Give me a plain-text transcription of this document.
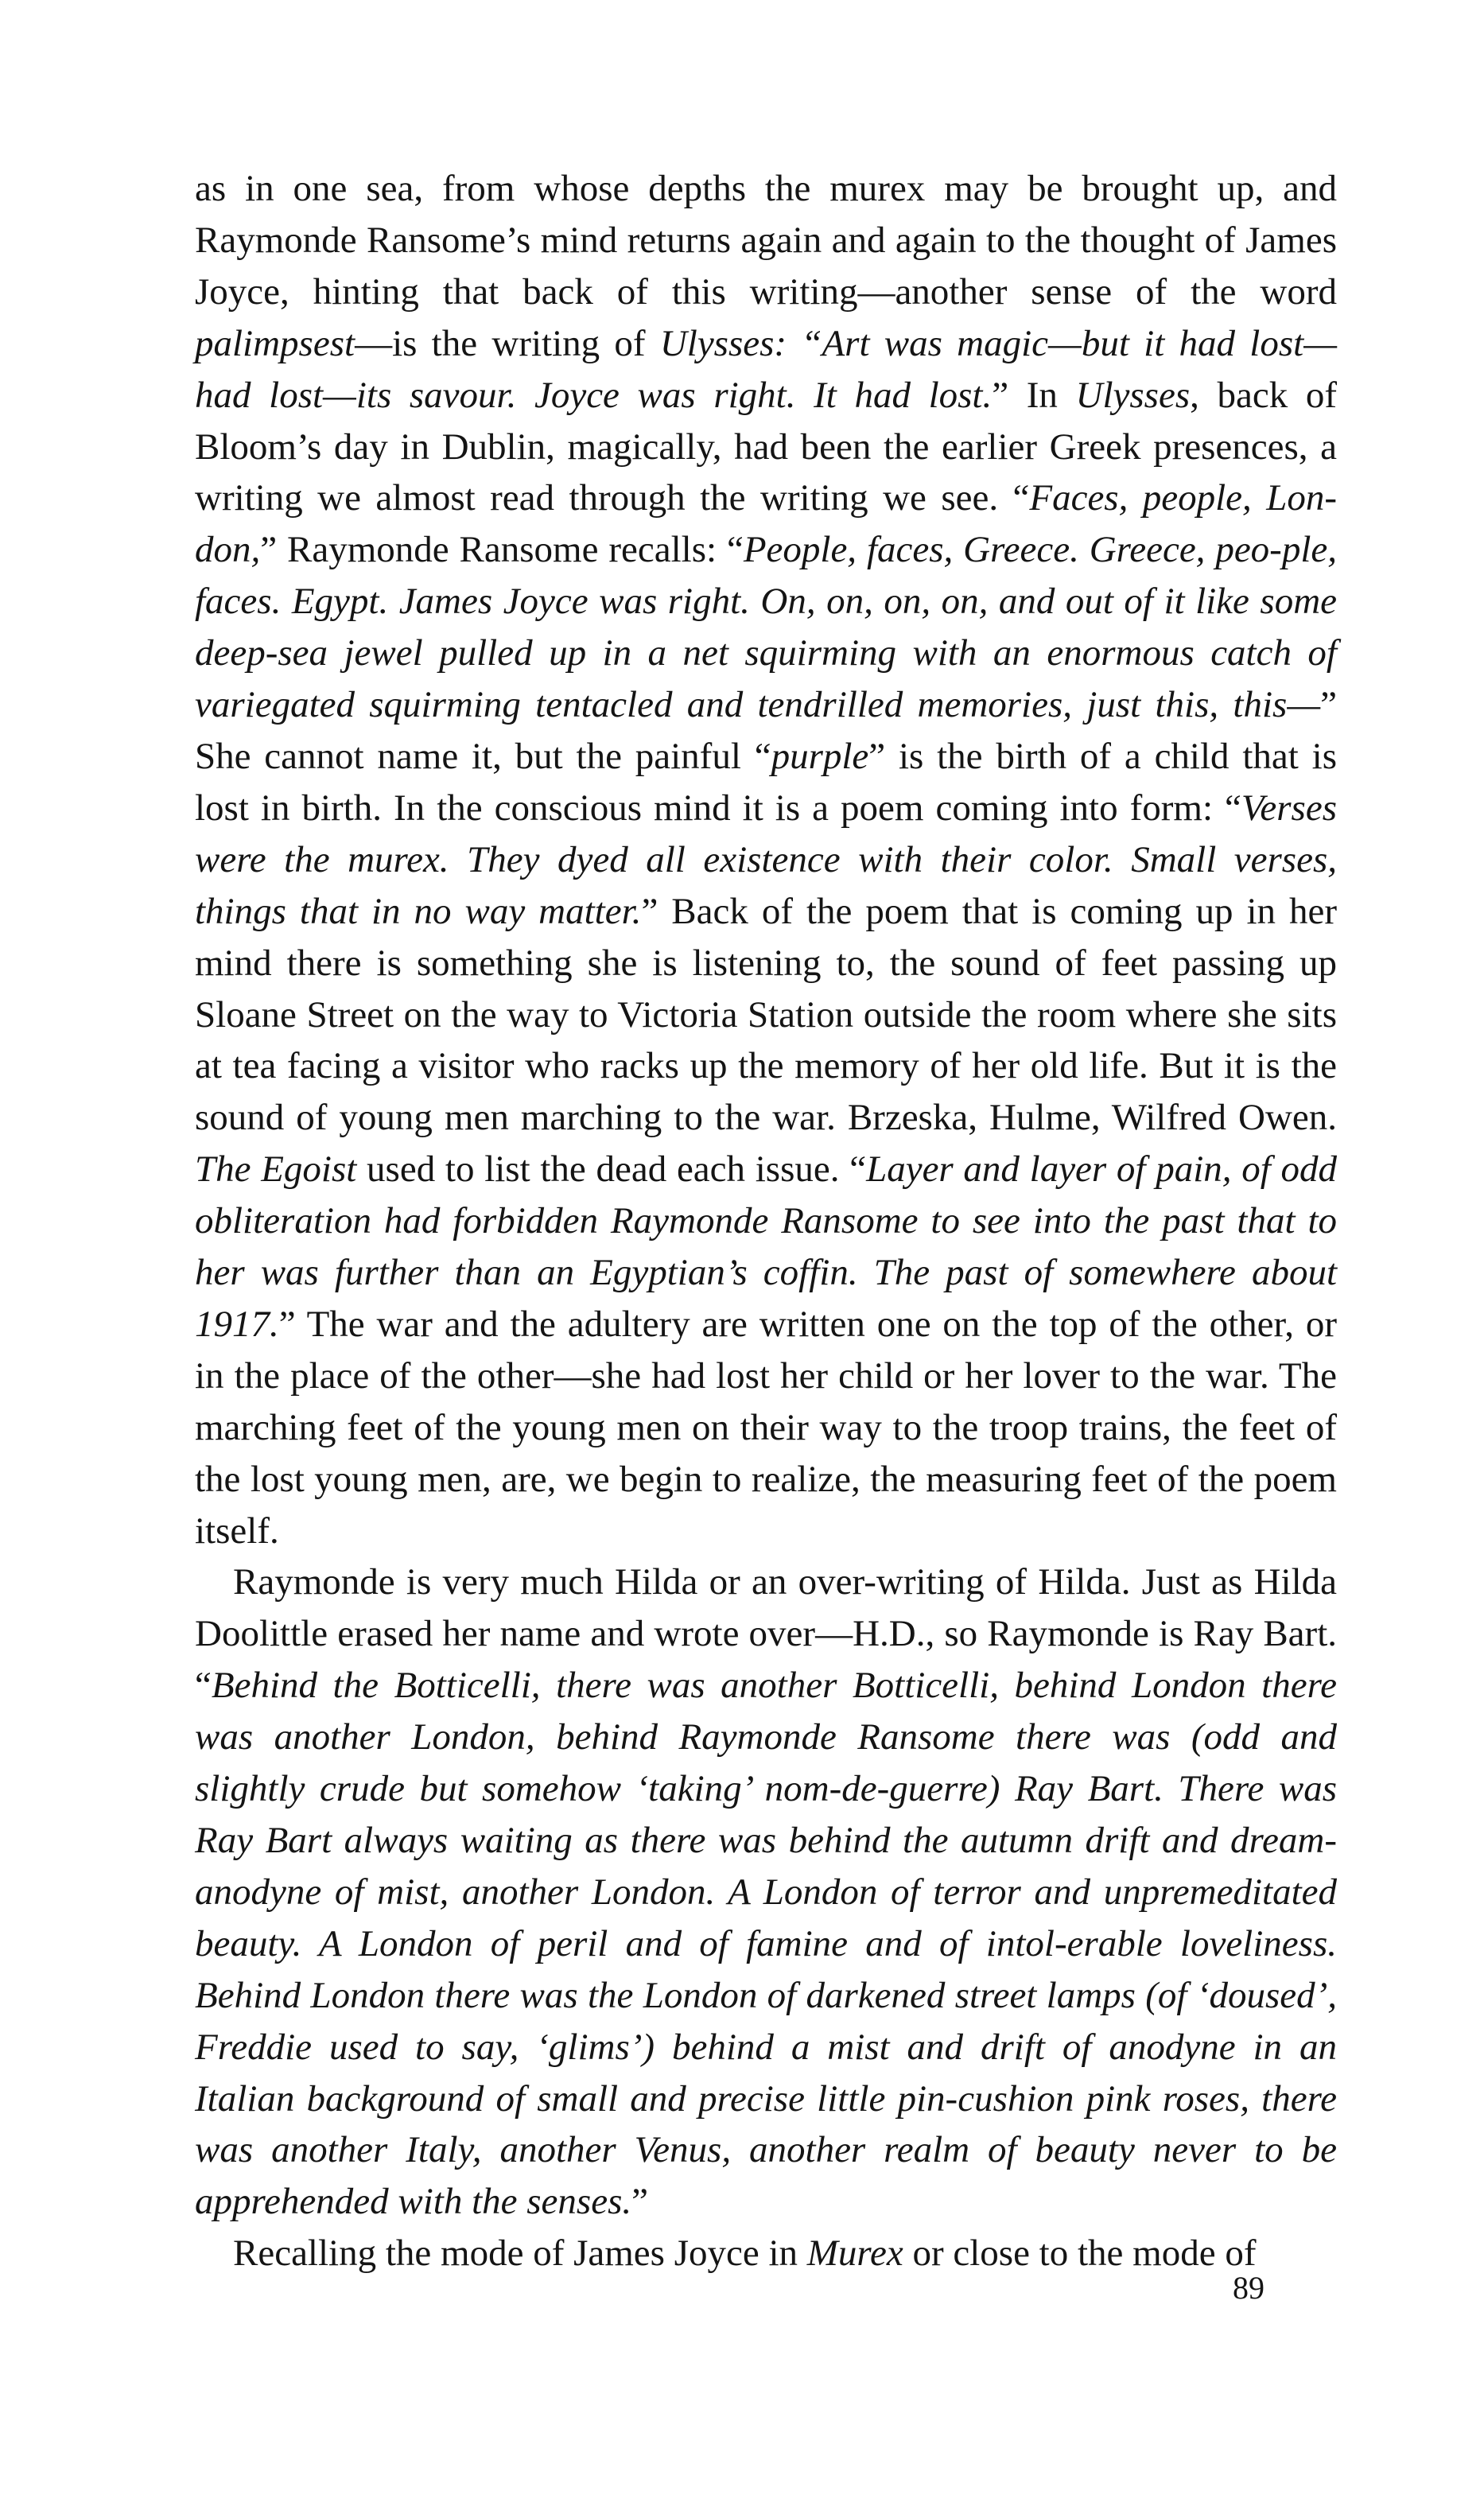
as in one sea, from whose depths the murex may be brought up, and Raymonde Ransome’s mind returns again and again to the thought of James Joyce, hinting that back of this writing—another sense of the word palimpsest—is the writing of Ulysses: “Art was magic—but it had lost—had lost—its savour. Joyce was right. It had lost.” In Ulysses, back of Bloom’s day in Dublin, magically, had been the earlier Greek presences, a writing we almost read through the writing we see. “Faces, people, Lon-don,” Raymonde Ransome recalls: “People, faces, Greece. Greece, peo-ple, faces. Egypt. James Joyce was right. On, on, on, on, and out of it like some deep-sea jewel pulled up in a net squirming with an enormous catch of variegated squirming tentacled and tendrilled memories, just this, this—” She cannot name it, but the painful “purple” is the birth of a child that is lost in birth. In the conscious mind it is a poem coming into form: “Verses were the murex. They dyed all existence with their color. Small verses, things that in no way matter.” Back of the poem that is coming up in her mind there is something she is listening to, the sound of feet passing up Sloane Street on the way to Victoria Station outside the room where she sits at tea facing a visitor who racks up the memory of her old life. But it is the sound of young men marching to the war. Brzeska, Hulme, Wilfred Owen. The Egoist used to list the dead each issue. “Layer and layer of pain, of odd obliteration had forbidden Raymonde Ransome to see into the past that to her was further than an Egyptian’s coffin. The past of somewhere about 1917.” The war and the adultery are written one on the top of the other, or in the place of the other—she had lost her child or her lover to the war. The marching feet of the young men on their way to the troop trains, the feet of the lost young men, are, we begin to realize, the measuring feet of the poem itself.

Raymonde is very much Hilda or an over-writing of Hilda. Just as Hilda Doolittle erased her name and wrote over—H.D., so Raymonde is Ray Bart. “Behind the Botticelli, there was another Botticelli, behind London there was another London, behind Raymonde Ransome there was (odd and slightly crude but somehow ‘taking’ nom-de-guerre) Ray Bart. There was Ray Bart always waiting as there was behind the autumn drift and dream-anodyne of mist, another London. A London of terror and unpremeditated beauty. A London of peril and of famine and of intol-erable loveliness. Behind London there was the London of darkened street lamps (of ‘doused’, Freddie used to say, ‘glims’) behind a mist and drift of anodyne in an Italian background of small and precise little pin-cushion pink roses, there was another Italy, another Venus, another realm of beauty never to be apprehended with the senses.”

Recalling the mode of James Joyce in Murex or close to the mode of

89
